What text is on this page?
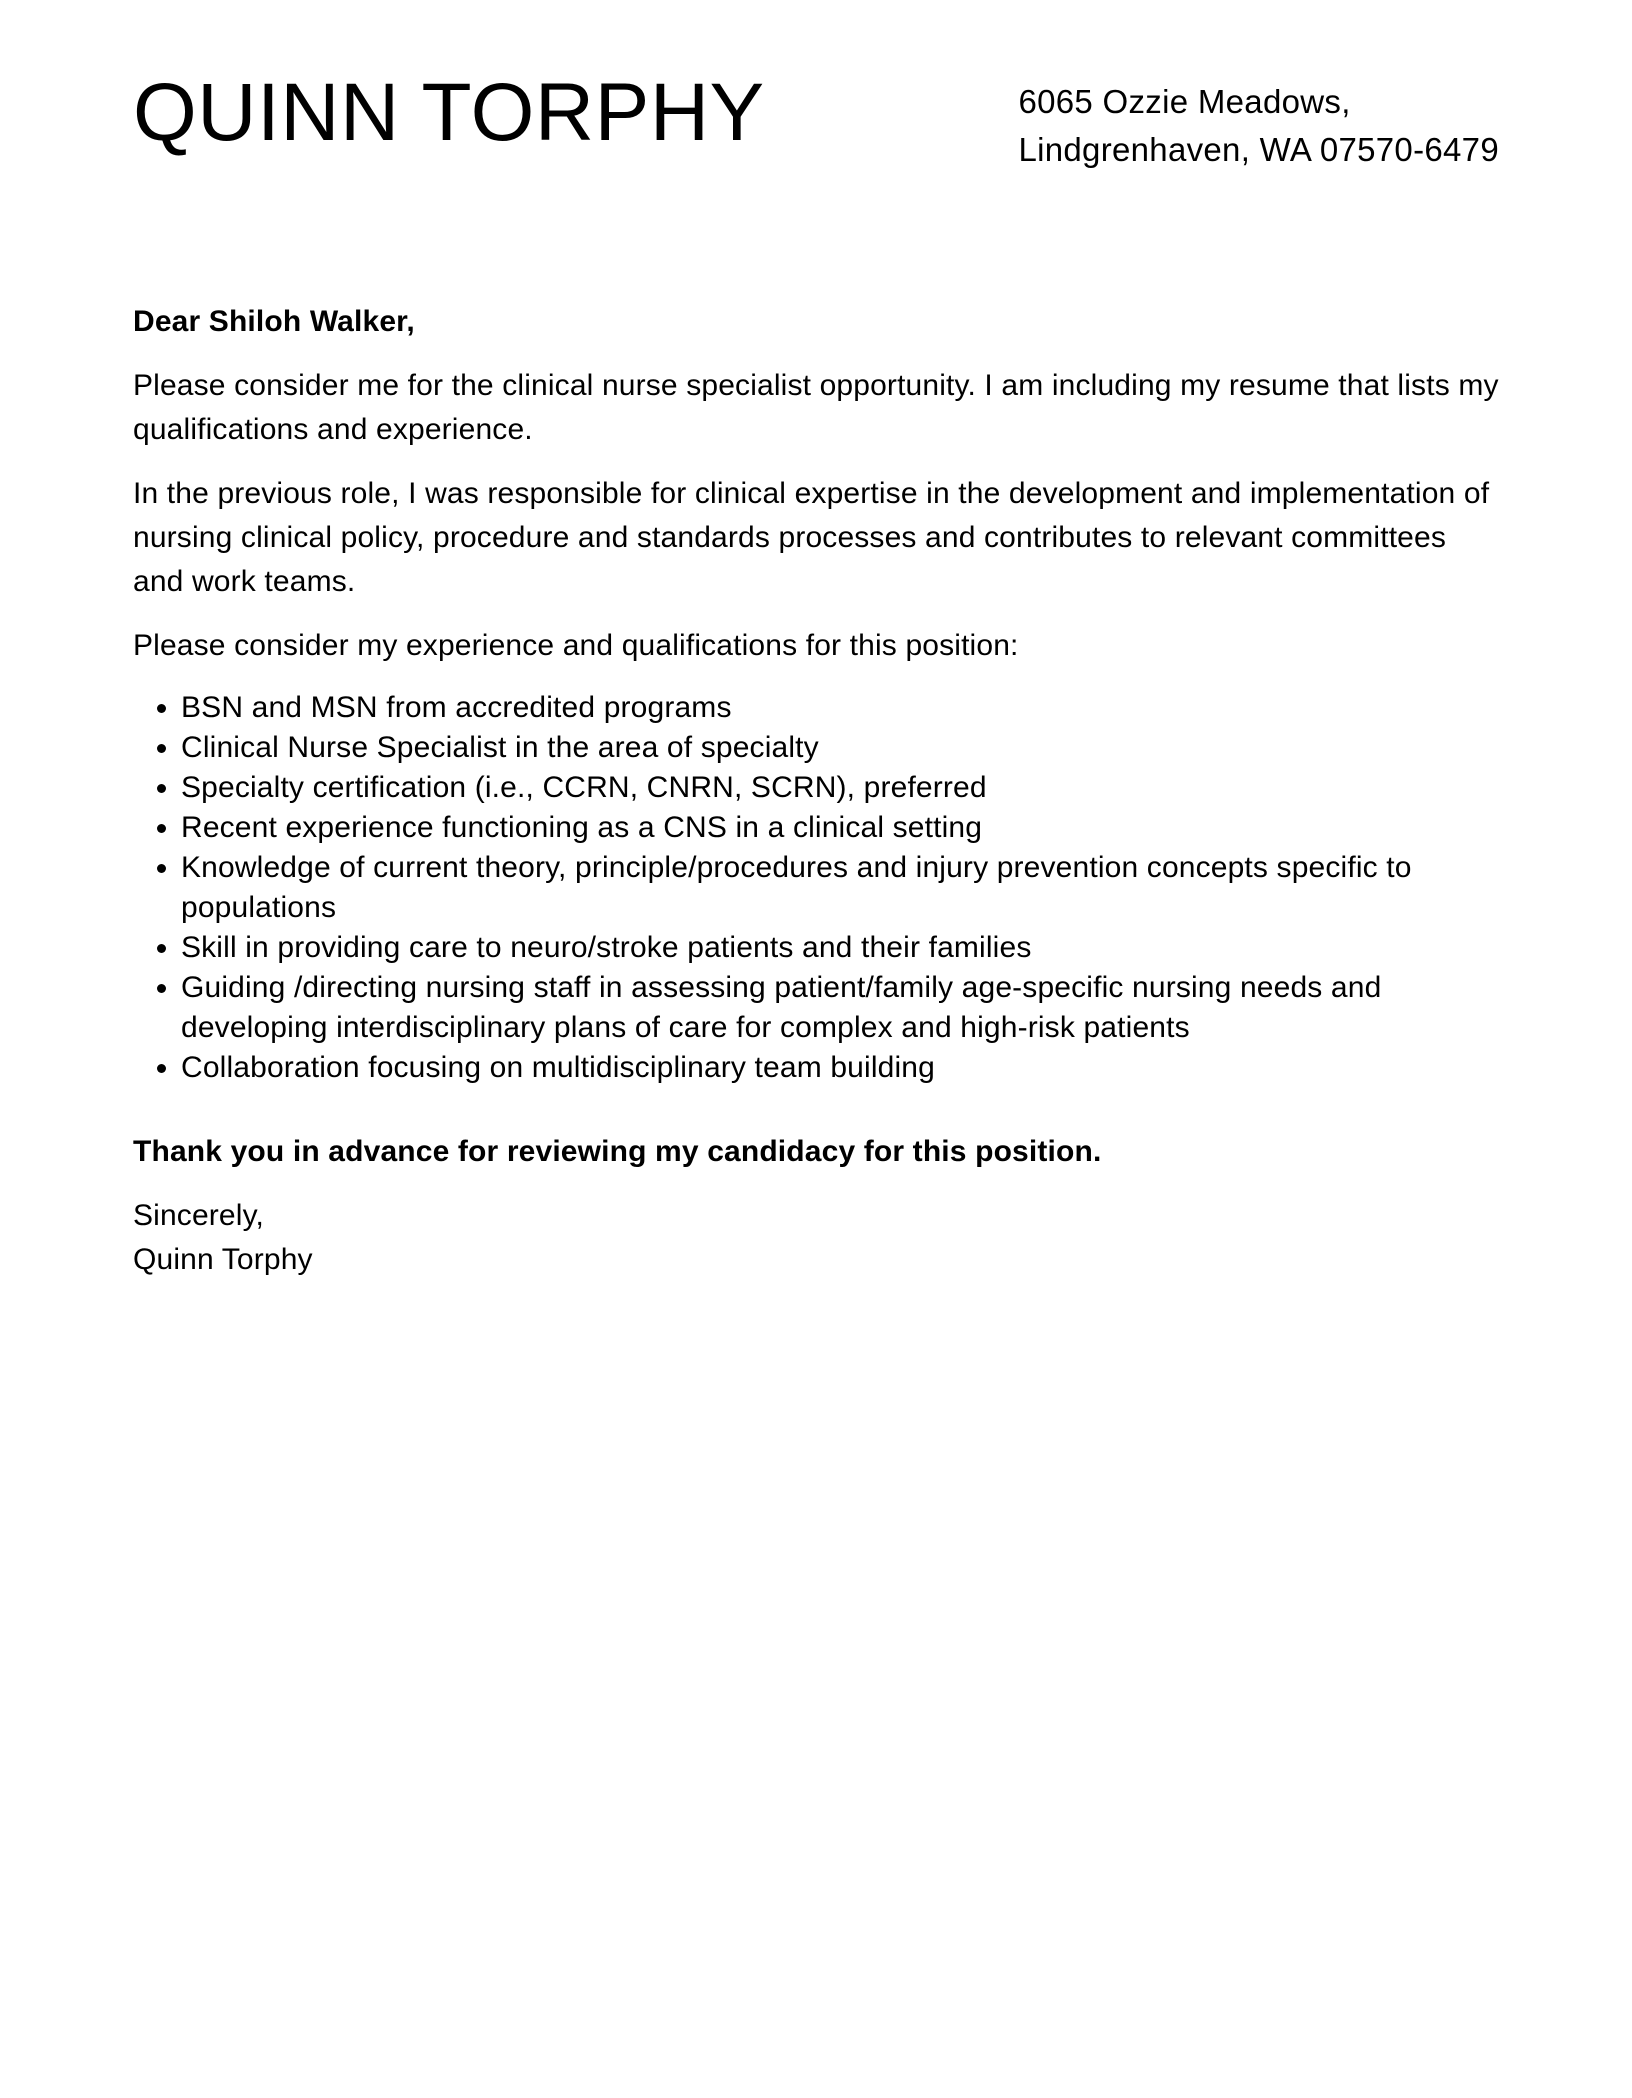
QUINN TORPHY	6065 Ozzie Meadows,
Lindgrenhaven, WA 07570-6479

Dear Shiloh Walker,

Please consider me for the clinical nurse specialist opportunity. I am including my resume that lists my qualifications and experience.

In the previous role, I was responsible for clinical expertise in the development and implementation of nursing clinical policy, procedure and standards processes and contributes to relevant committees and work teams.

Please consider my experience and qualifications for this position:

• BSN and MSN from accredited programs
• Clinical Nurse Specialist in the area of specialty
• Specialty certification (i.e., CCRN, CNRN, SCRN), preferred
• Recent experience functioning as a CNS in a clinical setting
• Knowledge of current theory, principle/procedures and injury prevention concepts specific to populations
• Skill in providing care to neuro/stroke patients and their families
• Guiding /directing nursing staff in assessing patient/family age-specific nursing needs and developing interdisciplinary plans of care for complex and high-risk patients
• Collaboration focusing on multidisciplinary team building

Thank you in advance for reviewing my candidacy for this position.

Sincerely,
Quinn Torphy
